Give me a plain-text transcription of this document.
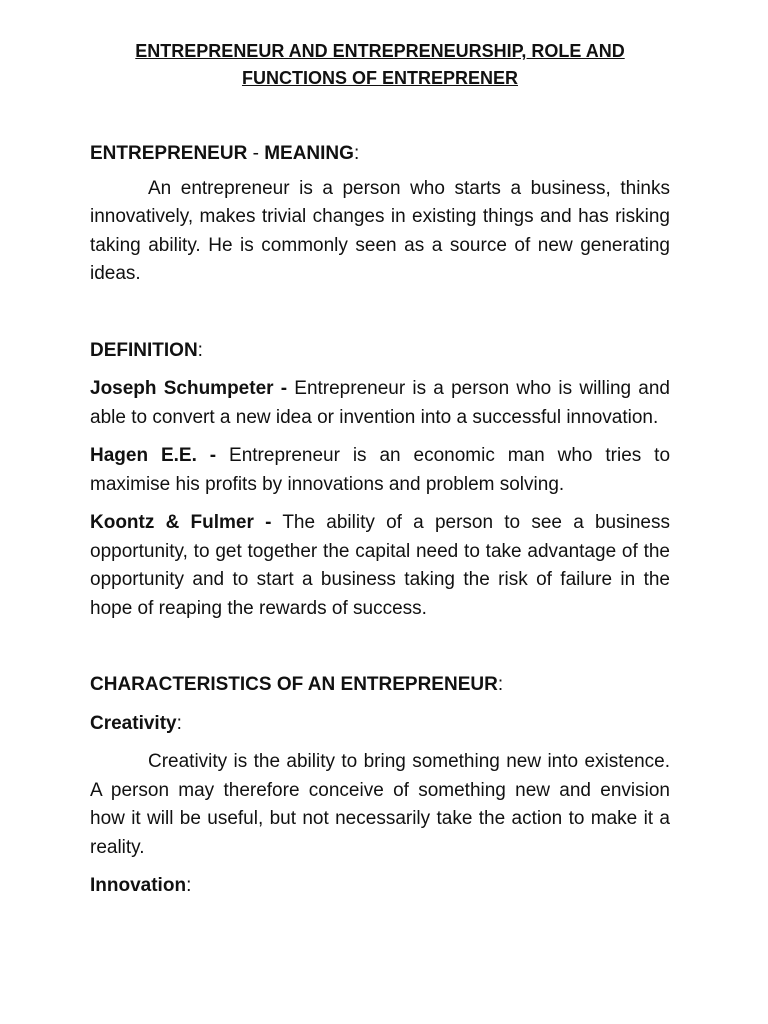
ENTREPRENEUR AND ENTREPRENEURSHIP, ROLE AND
FUNCTIONS OF ENTREPRENER

ENTREPRENEUR - MEANING:

An entrepreneur is a person who starts a business, thinks innovatively, makes trivial changes in existing things and has risking taking ability. He is commonly seen as a source of new generating ideas.

DEFINITION:

Joseph Schumpeter - Entrepreneur is a person who is willing and able to convert a new idea or invention into a successful innovation.

Hagen E.E. - Entrepreneur is an economic man who tries to maximise his profits by innovations and problem solving.

Koontz & Fulmer - The ability of a person to see a business opportunity, to get together the capital need to take advantage of the opportunity and to start a business taking the risk of failure in the hope of reaping the rewards of success.

CHARACTERISTICS OF AN ENTREPRENEUR:

Creativity:

Creativity is the ability to bring something new into existence. A person may therefore conceive of something new and envision how it will be useful, but not necessarily take the action to make it a reality.

Innovation:
